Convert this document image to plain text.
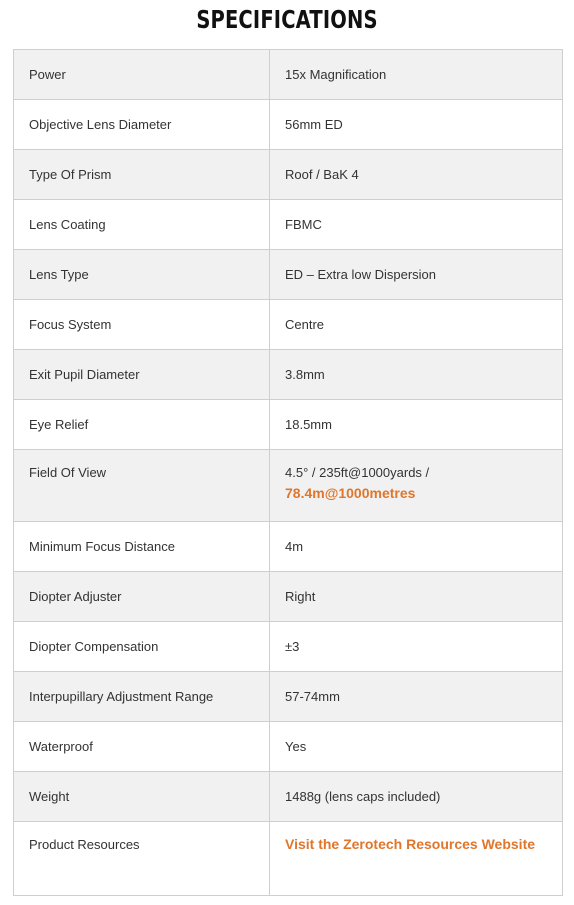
SPECIFICATIONS
Power	15x Magnification
Objective Lens Diameter	56mm ED
Type Of Prism	Roof / BaK 4
Lens Coating	FBMC
Lens Type	ED – Extra low Dispersion
Focus System	Centre
Exit Pupil Diameter	3.8mm
Eye Relief	18.5mm
Field Of View	4.5° / 235ft@1000yards /
78.4m@1000metres
Minimum Focus Distance	4m
Diopter Adjuster	Right
Diopter Compensation	±3
Interpupillary Adjustment Range	57-74mm
Waterproof	Yes
Weight	1488g (lens caps included)
Product Resources	Visit the Zerotech Resources Website
